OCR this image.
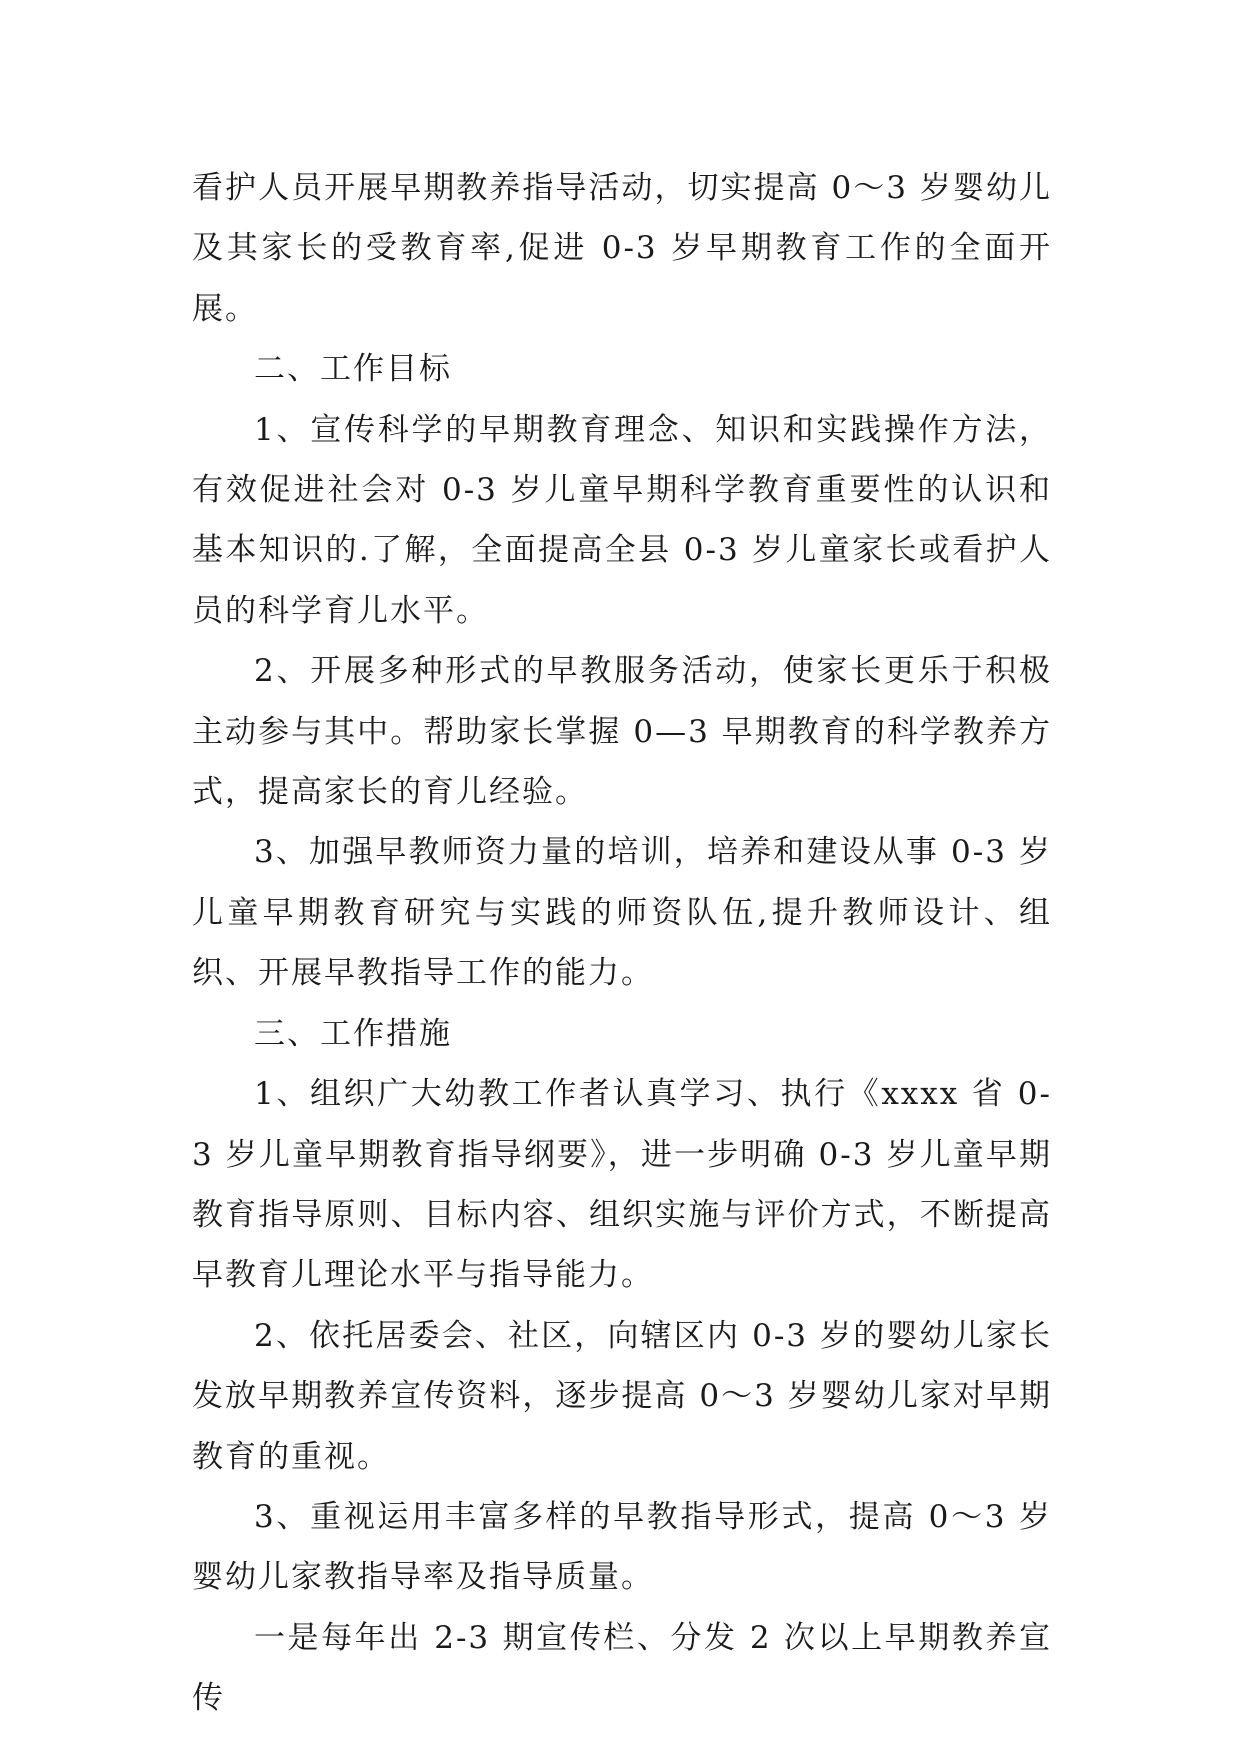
看护人员开展早期教养指导活动，切实提高 0～3 岁婴幼儿及其家长的受教育率,促进 0-3 岁早期教育工作的全面开展。

二、工作目标

1、宣传科学的早期教育理念、知识和实践操作方法，有效促进社会对 0-3 岁儿童早期科学教育重要性的认识和基本知识的.了解，全面提高全县 0-3 岁儿童家长或看护人员的科学育儿水平。

2、开展多种形式的早教服务活动，使家长更乐于积极主动参与其中。帮助家长掌握 0—3 早期教育的科学教养方式，提高家长的育儿经验。

3、加强早教师资力量的培训，培养和建设从事 0-3 岁儿童早期教育研究与实践的师资队伍,提升教师设计、组织、开展早教指导工作的能力。

三、工作措施

1、组织广大幼教工作者认真学习、执行《xxxx 省 0-3 岁儿童早期教育指导纲要》，进一步明确 0-3 岁儿童早期教育指导原则、目标内容、组织实施与评价方式，不断提高早教育儿理论水平与指导能力。

2、依托居委会、社区，向辖区内 0-3 岁的婴幼儿家长发放早期教养宣传资料，逐步提高 0～3 岁婴幼儿家对早期教育的重视。

3、重视运用丰富多样的早教指导形式，提高 0～3 岁婴幼儿家教指导率及指导质量。

一是每年出 2-3 期宣传栏、分发 2 次以上早期教养宣传
